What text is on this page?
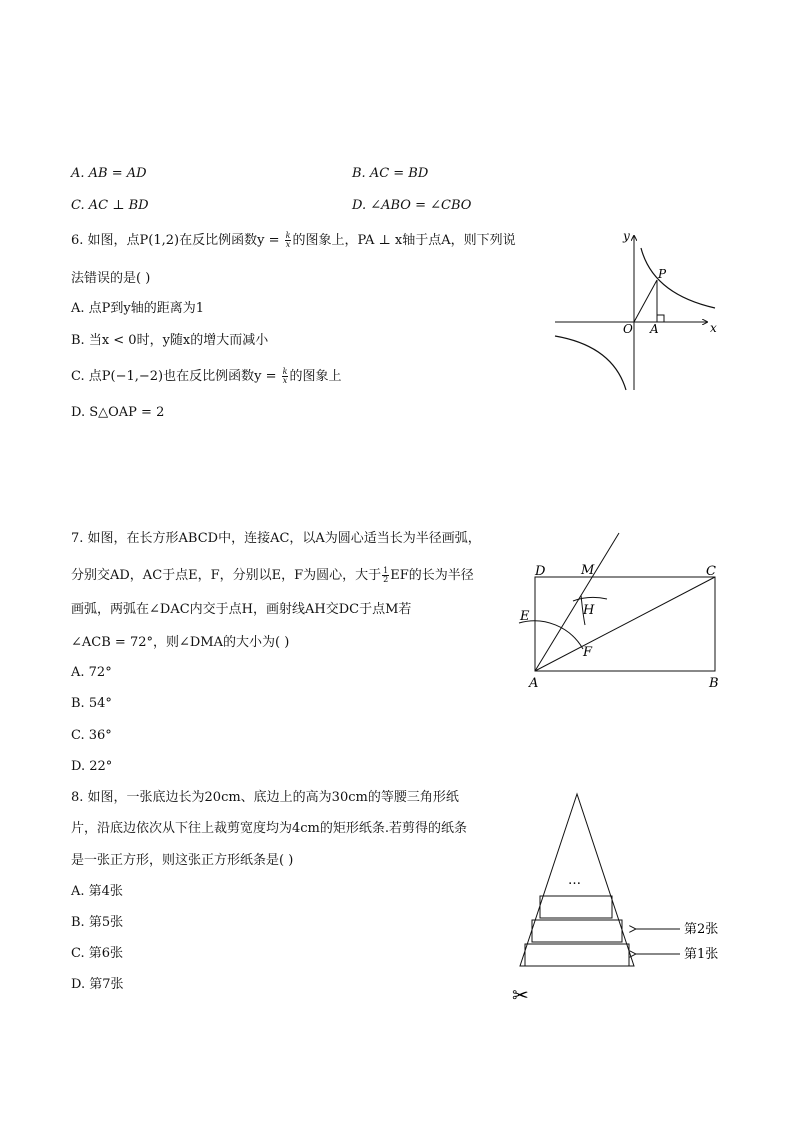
A. AB = AD	B. AC = BD
C. AC ⊥ BD	D. ∠ABO = ∠CBO
6. 如图，点P(1,2)在反比例函数$y = \frac{k}{x}$ 的图象上，PA ⊥ x轴于点A，则下列说
法错误的是( )
A. 点P到y轴的距离为1
B. 当x < 0时，y随x的增大而减小
C. 点P(−1,−2)也在反比例函数$y = \frac{k}{x}$ 的图象上
D. S△OAP = 2
y
x
O A
P
7. 如图，在长方形ABCD中，连接AC，以A为圆心适当长为半径画弧，
分别交AD，AC于点E，F，分别以E，F为圆心，大于 $\frac{1}{2}$ EF的长为半径
画弧，两弧在∠DAC内交于点H，画射线AH交DC于点M若
∠ACB = 72°，则∠DMA的大小为( )
A. 72°
B. 54°
C. 36°
D. 22°
D	M	C
E	H
F
A	B
8. 如图，一张底边长为20cm、底边上的高为30cm的等腰三角形纸
片，沿底边依次从下往上裁剪宽度均为4cm的矩形纸条.若剪得的纸条
是一张正方形，则这张正方形纸条是( )
A. 第4张
B. 第5张
C. 第6张
D. 第7张
…
第2张
第1张
✂
